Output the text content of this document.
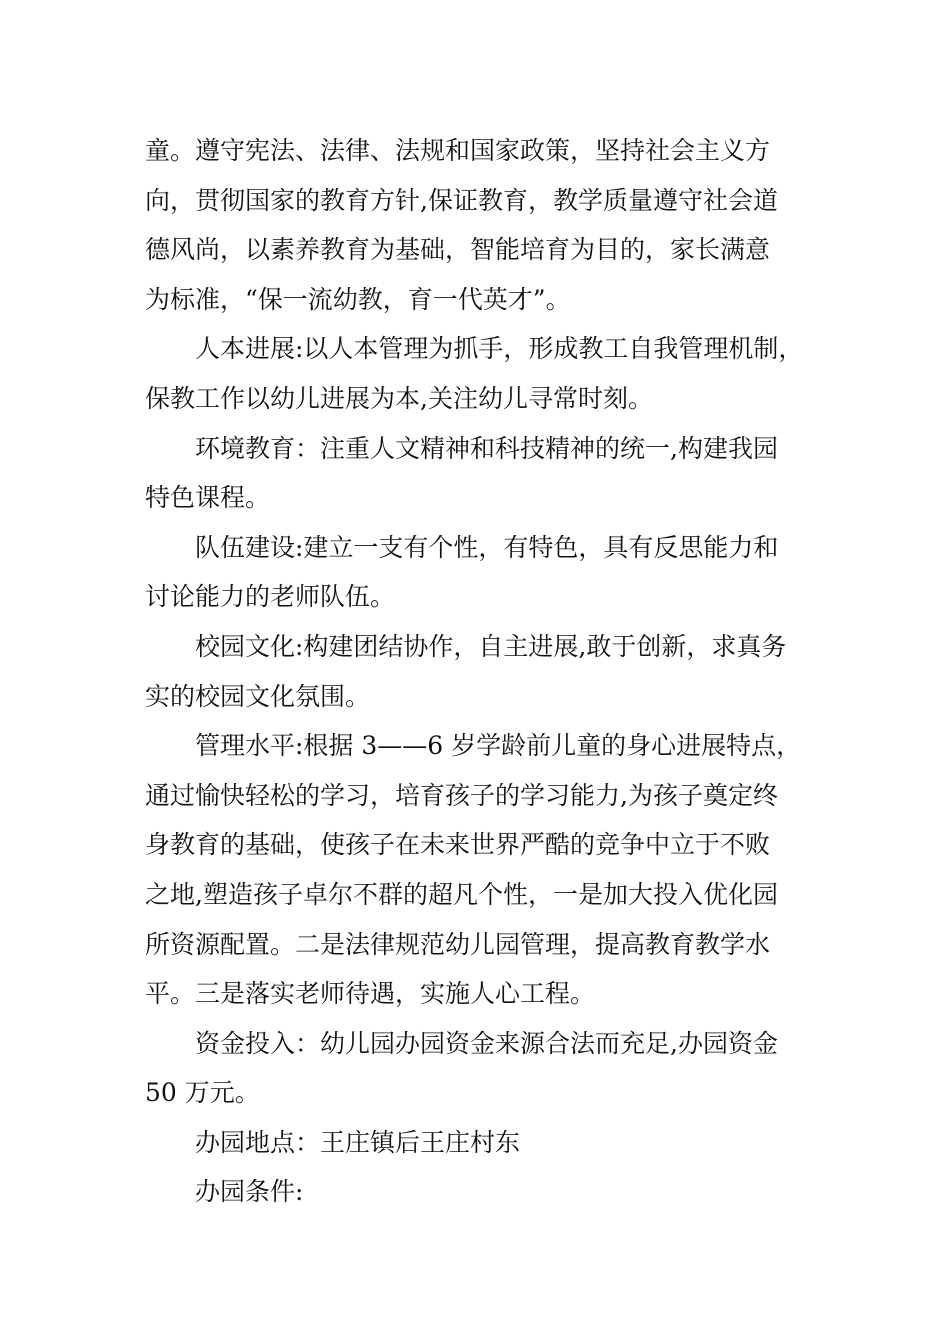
童。遵守宪法、法律、法规和国家政策，坚持社会主义方
向，贯彻国家的教育方针,保证教育，教学质量遵守社会道
德风尚，以素养教育为基础，智能培育为目的，家长满意
为标准，“保一流幼教，育一代英才”。
人本进展:以人本管理为抓手，形成教工自我管理机制，
保教工作以幼儿进展为本,关注幼儿寻常时刻。
环境教育：注重人文精神和科技精神的统一,构建我园
特色课程。
队伍建设:建立一支有个性，有特色，具有反思能力和
讨论能力的老师队伍。
校园文化:构建团结协作，自主进展,敢于创新，求真务
实的校园文化氛围。
管理水平:根据 3——6 岁学龄前儿童的身心进展特点，
通过愉快轻松的学习，培育孩子的学习能力,为孩子奠定终
身教育的基础，使孩子在未来世界严酷的竞争中立于不败
之地,塑造孩子卓尔不群的超凡个性，一是加大投入优化园
所资源配置。二是法律规范幼儿园管理，提高教育教学水
平。三是落实老师待遇，实施人心工程。
资金投入：幼儿园办园资金来源合法而充足,办园资金
50 万元。
办园地点：王庄镇后王庄村东
办园条件:
